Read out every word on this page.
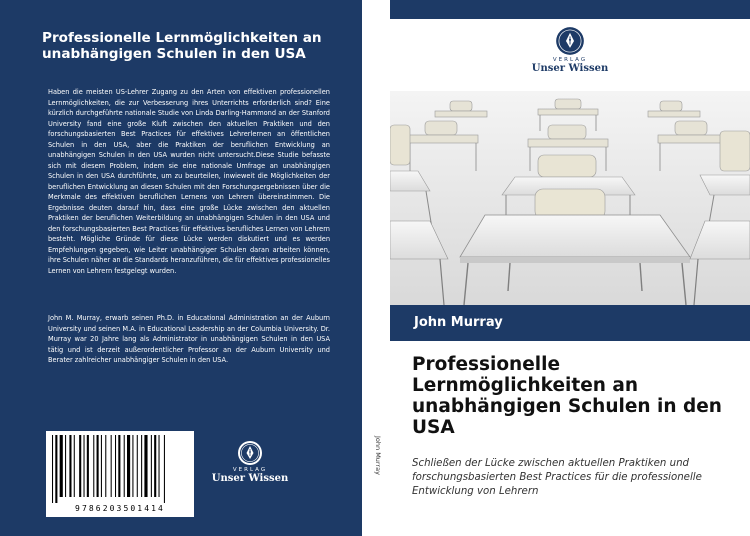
Professionelle Lernmöglichkeiten an unabhängigen Schulen in den USA
Haben die meisten US-Lehrer Zugang zu den Arten von effektiven professionellen Lernmöglichkeiten, die zur Verbesserung ihres Unterrichts erforderlich sind? Eine kürzlich durchgeführte nationale Studie von Linda Darling-Hammond an der Stanford University fand eine große Kluft zwischen den aktuellen Praktiken und den forschungsbasierten Best Practices für effektives Lehrerlernen an öffentlichen Schulen in den USA, aber die Praktiken der beruflichen Entwicklung an unabhängigen Schulen in den USA wurden nicht untersucht.Diese Studie befasste sich mit diesem Problem, indem sie eine nationale Umfrage an unabhängigen Schulen in den USA durchführte, um zu beurteilen, inwieweit die Möglichkeiten der beruflichen Entwicklung an diesen Schulen mit den Forschungsergebnissen über die Merkmale des effektiven beruflichen Lernens von Lehrern übereinstimmen. Die Ergebnisse deuten darauf hin, dass eine große Lücke zwischen den aktuellen Praktiken der beruflichen Weiterbildung an unabhängigen Schulen in den USA und den forschungsbasierten Best Practices für effektives berufliches Lernen von Lehrern besteht. Mögliche Gründe für diese Lücke werden diskutiert und es werden Empfehlungen gegeben, wie Leiter unabhängiger Schulen daran arbeiten können, ihre Schulen näher an die Standards heranzuführen, die für effektives professionelles Lernen von Lehrern festgelegt wurden.
John M. Murray, erwarb seinen Ph.D. in Educational Administration an der Auburn University und seinen M.A. in Educational Leadership an der Columbia University. Dr. Murray war 20 Jahre lang als Administrator in unabhängigen Schulen in den USA tätig und ist derzeit außerordentlicher Professor an der Auburn University und Berater zahlreicher unabhängiger Schulen in den USA.
9786203501414
VERLAG
Unser Wissen
John Murray
VERLAG
Unser Wissen
John Murray
Professionelle Lernmöglichkeiten an unabhängigen Schulen in den USA
Schließen der Lücke zwischen aktuellen Praktiken und forschungsbasierten Best Practices für die professionelle Entwicklung von Lehrern
